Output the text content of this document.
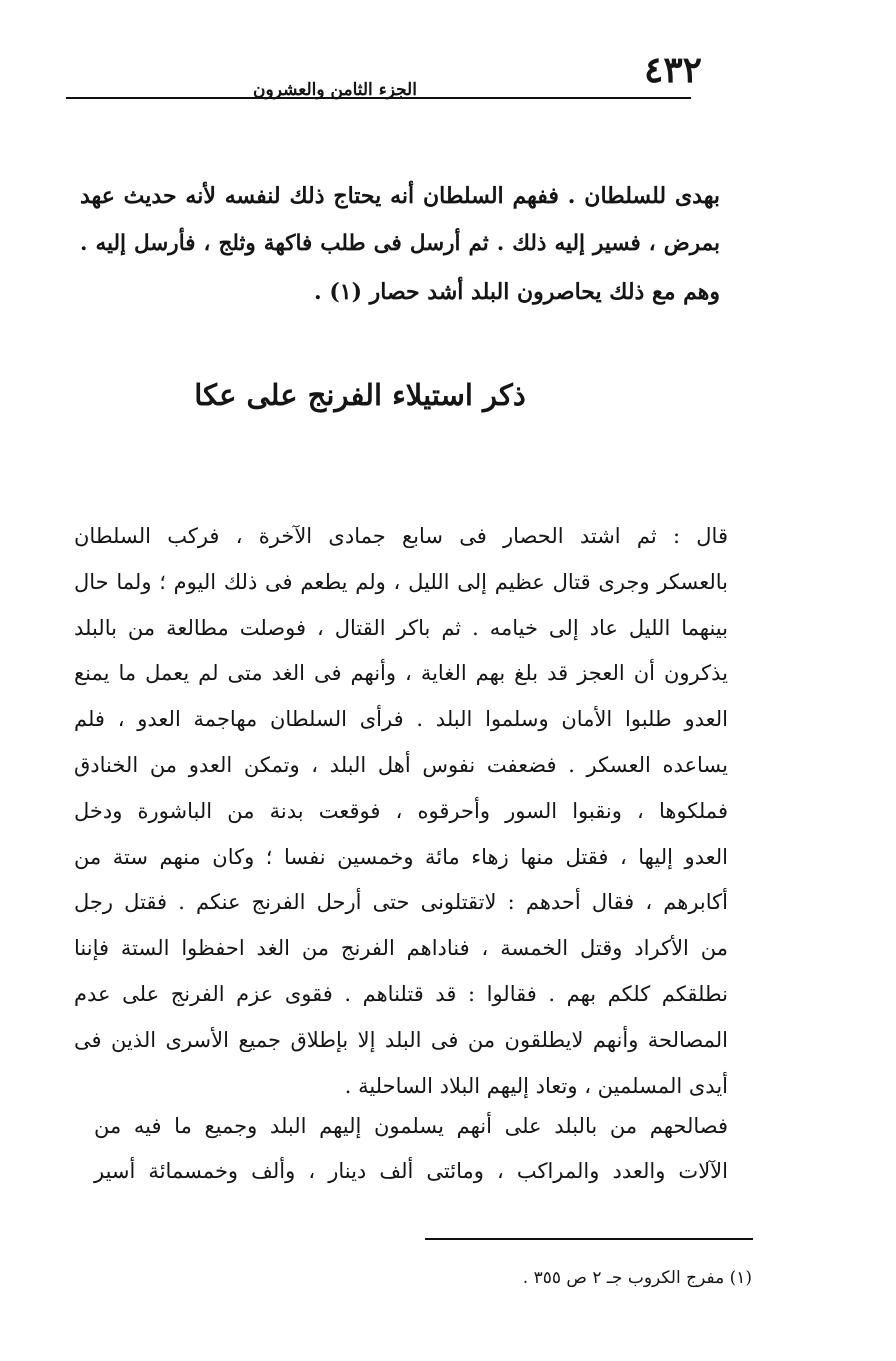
٤٣٢
الجزء الثامن والعشرون
بهدى للسلطان . ففهم السلطان أنه يحتاج ذلك لنفسه لأنه حديث عهد
بمرض ، فسير إليه ذلك . ثم أرسل فى طلب فاكهة وثلج ، فأرسل إليه .
وهم مع ذلك يحاصرون البلد أشد حصار (١) .
ذكر استيلاء الفرنج على عكا
قال : ثم اشتد الحصار فى سابع جمادى الآخرة ، فركب السلطان
بالعسكر وجرى قتال عظيم إلى الليل ، ولم يطعم فى ذلك اليوم ؛ ولما حال
بينهما الليل عاد إلى خيامه . ثم باكر القتال ، فوصلت مطالعة من بالبلد
يذكرون أن العجز قد بلغ بهم الغاية ، وأنهم فى الغد متى لم يعمل ما يمنع
العدو طلبوا الأمان وسلموا البلد . فرأى السلطان مهاجمة العدو ، فلم
يساعده العسكر . فضعفت نفوس أهل البلد ، وتمكن العدو من الخنادق
فملكوها ، ونقبوا السور وأحرقوه ، فوقعت بدنة من الباشورة ودخل
العدو إليها ، فقتل منها زهاء مائة وخمسين نفسا ؛ وكان منهم ستة من
أكابرهم ، فقال أحدهم : لاتقتلونى حتى أرحل الفرنج عنكم . فقتل رجل
من الأكراد وقتل الخمسة ، فناداهم الفرنج من الغد احفظوا الستة فإننا
نطلقكم كلكم بهم . فقالوا : قد قتلناهم . فقوى عزم الفرنج على عدم
المصالحة وأنهم لايطلقون من فى البلد إلا بإطلاق جميع الأسرى الذين فى
أيدى المسلمين ، وتعاد إليهم البلاد الساحلية .
فصالحهم من بالبلد على أنهم يسلمون إليهم البلد وجميع ما فيه من
الآلات والعدد والمراكب ، ومائتى ألف دينار ، وألف وخمسمائة أسير
(١) مفرج الكروب جـ ٢ ص ٣٥٥ .
